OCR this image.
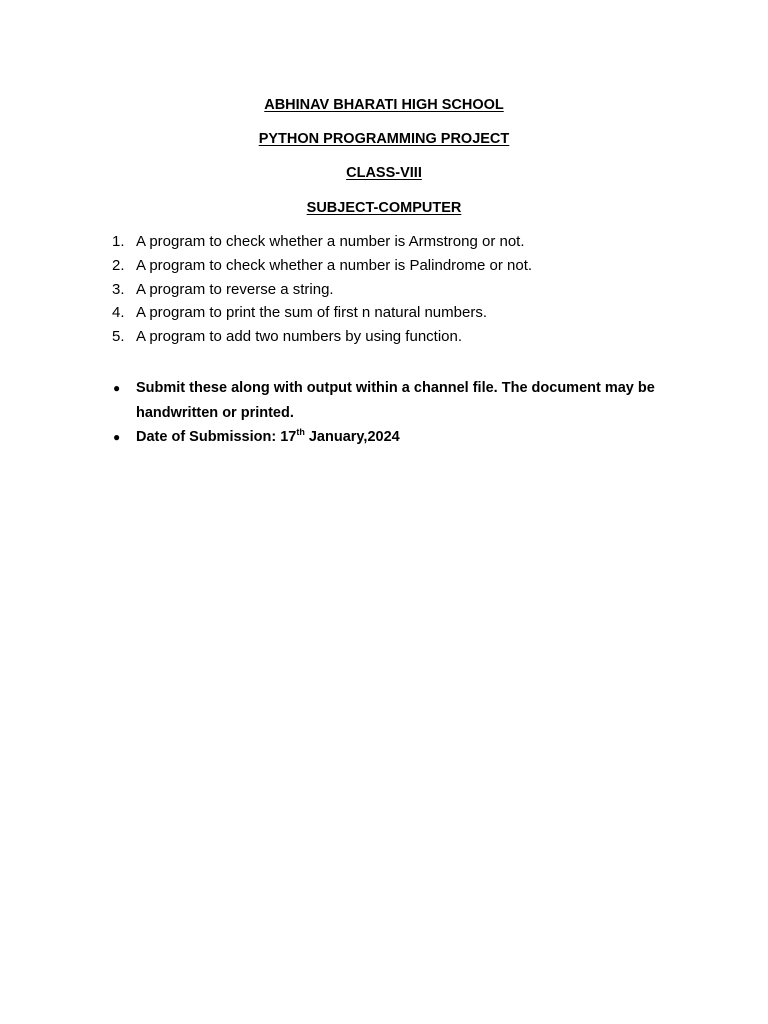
ABHINAV BHARATI HIGH SCHOOL
PYTHON PROGRAMMING PROJECT
CLASS-VIII
SUBJECT-COMPUTER
1. A program to check whether a number is Armstrong or not.
2. A program to check whether a number is Palindrome or not.
3. A program to reverse a string.
4. A program to print the sum of first n natural numbers.
5. A program to add two numbers by using function.
● Submit these along with output within a channel file. The document may be handwritten or printed.
● Date of Submission: 17th January,2024
